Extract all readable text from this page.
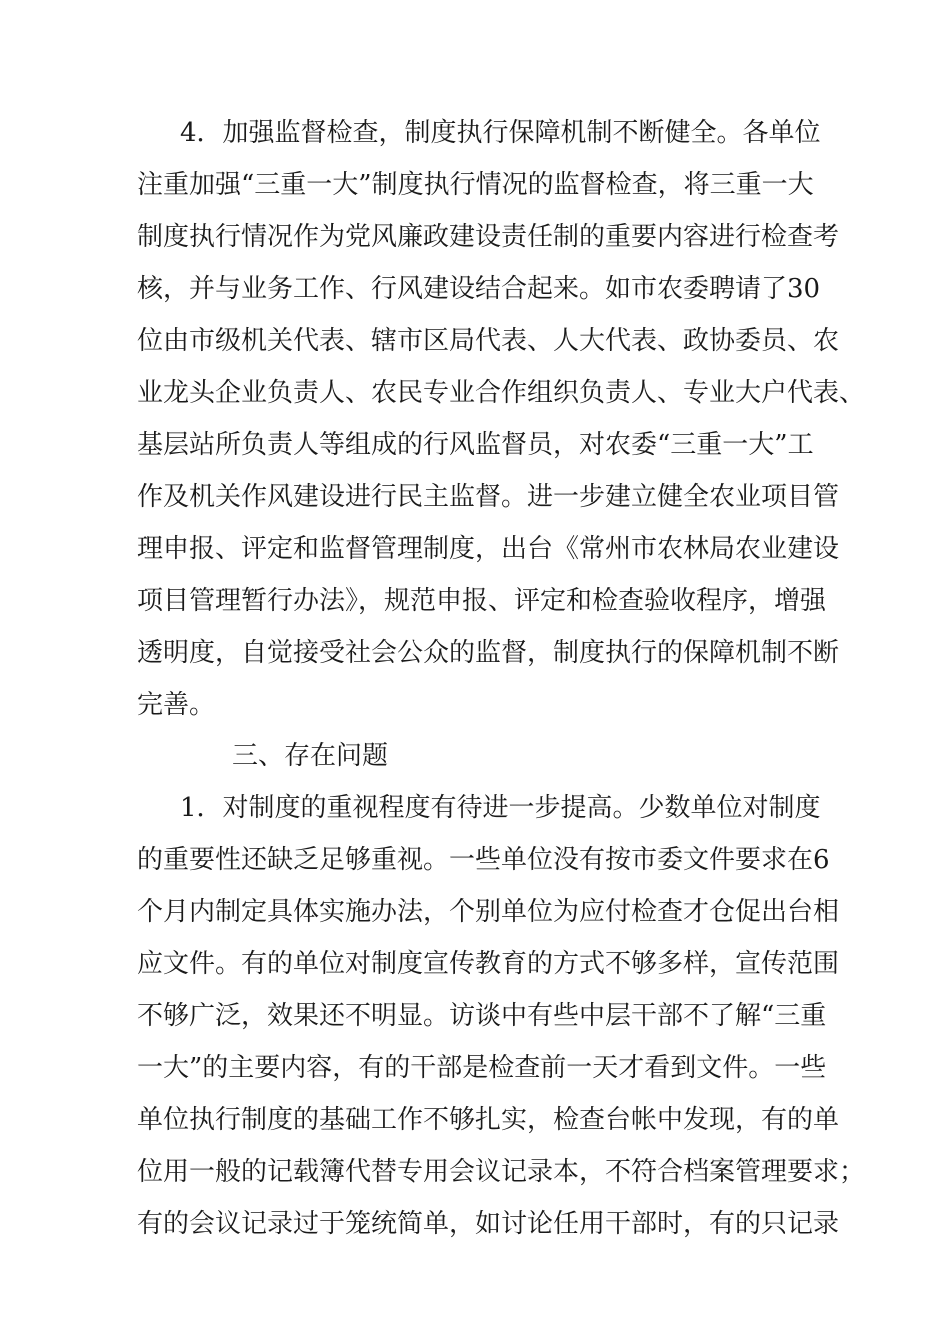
4．加强监督检查，制度执行保障机制不断健全。各单位
注重加强“三重一大”制度执行情况的监督检查，将三重一大
制度执行情况作为党风廉政建设责任制的重要内容进行检查考
核，并与业务工作、行风建设结合起来。如市农委聘请了30
位由市级机关代表、辖市区局代表、人大代表、政协委员、农
业龙头企业负责人、农民专业合作组织负责人、专业大户代表、
基层站所负责人等组成的行风监督员，对农委“三重一大”工
作及机关作风建设进行民主监督。进一步建立健全农业项目管
理申报、评定和监督管理制度，出台《常州市农林局农业建设
项目管理暂行办法》，规范申报、评定和检查验收程序，增强
透明度，自觉接受社会公众的监督，制度执行的保障机制不断
完善。
三、存在问题
1．对制度的重视程度有待进一步提高。少数单位对制度
的重要性还缺乏足够重视。一些单位没有按市委文件要求在6
个月内制定具体实施办法，个别单位为应付检查才仓促出台相
应文件。有的单位对制度宣传教育的方式不够多样，宣传范围
不够广泛，效果还不明显。访谈中有些中层干部不了解“三重
一大”的主要内容，有的干部是检查前一天才看到文件。一些
单位执行制度的基础工作不够扎实，检查台帐中发现，有的单
位用一般的记载簿代替专用会议记录本，不符合档案管理要求；
有的会议记录过于笼统简单，如讨论任用干部时，有的只记录
